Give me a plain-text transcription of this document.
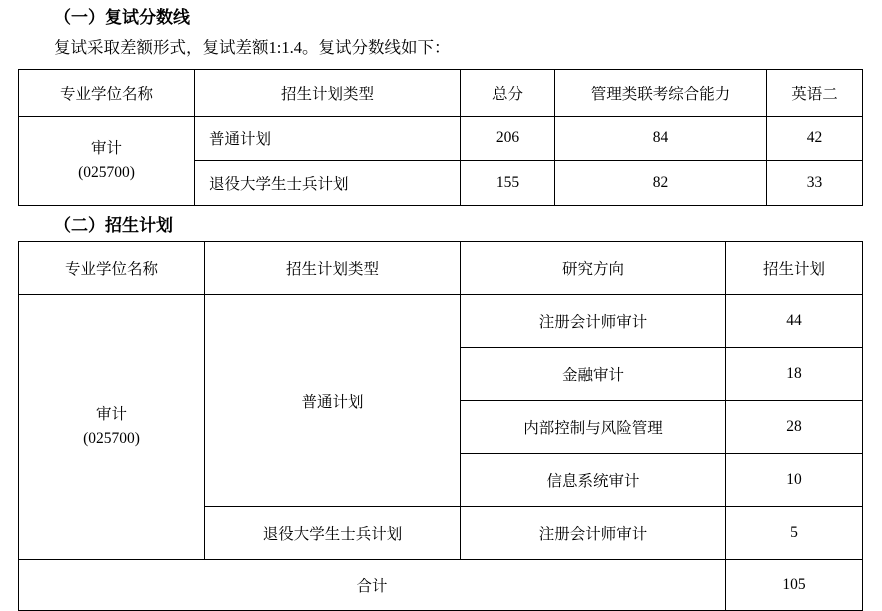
（一）复试分数线

复试采取差额形式，复试差额1:1.4。复试分数线如下：

专业学位名称	招生计划类型	总分	管理类联考综合能力	英语二

审计
(025700)	普通计划	206	84	42
	退役大学生士兵计划	155	82	33
（二）招生计划
专业学位名称	招生计划类型	研究方向	招生计划

审计
(025700)	普通计划	注册会计师审计	44
		金融审计	18
		内部控制与风险管理	28
		信息系统审计	10
	退役大学生士兵计划	注册会计师审计	5
合计			105
